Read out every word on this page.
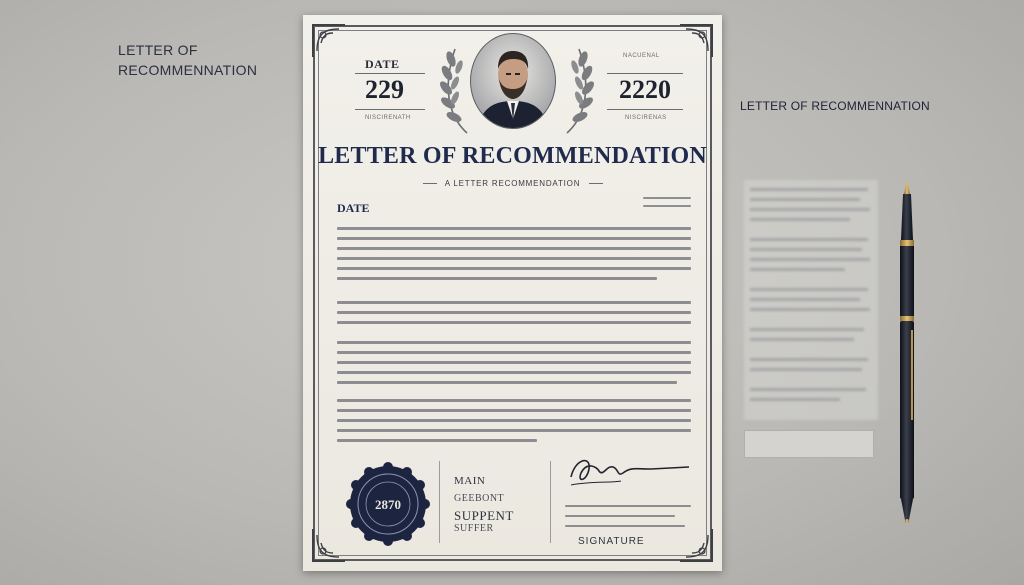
LETTER OF RECOMMENNATION
LETTER OF RECOMMENNATION
DATE
229
NISCIRENATH
NACUENAL
2220
NISCIRENAS
LETTER OF RECOMMENDATION
A LETTER RECOMMENDATION
DATE
2870
MAIN
GEEBONT
SUPPENT
SUFFER
SIGNATURE
